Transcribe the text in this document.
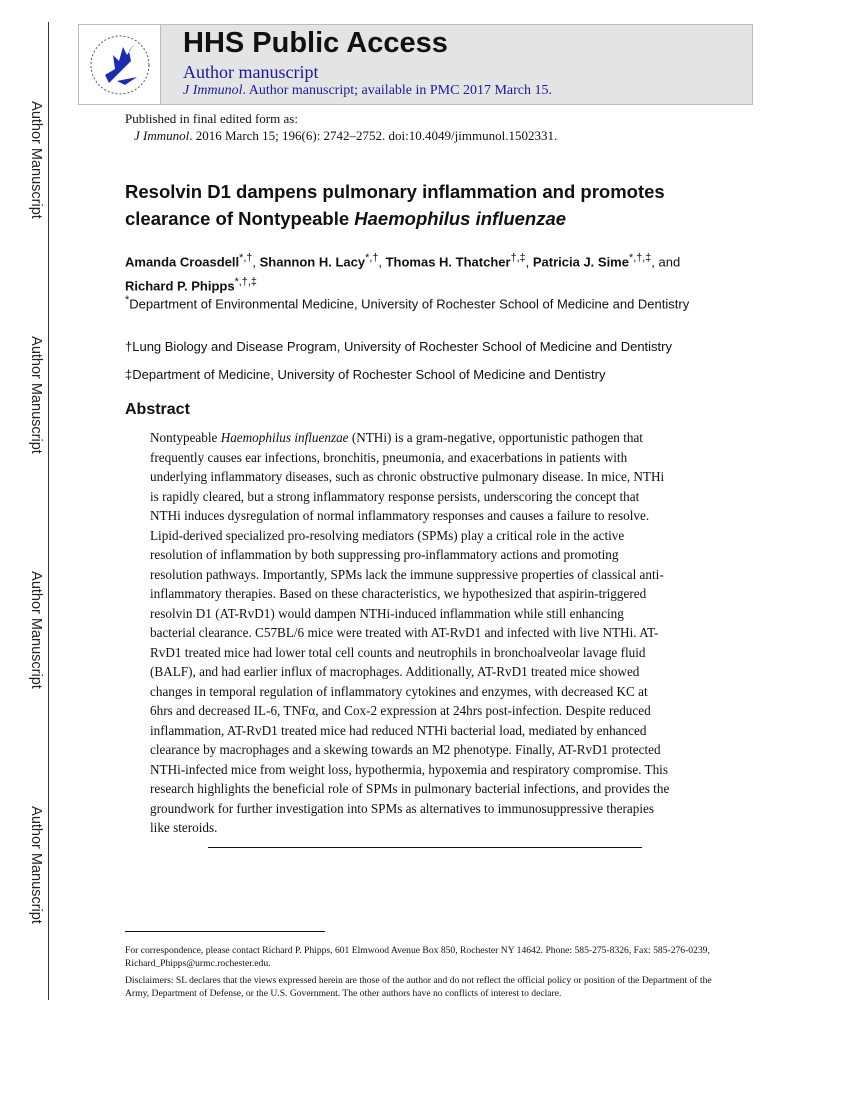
Author Manuscript
Author Manuscript
Author Manuscript
Author Manuscript
HHS Public Access
Author manuscript
J Immunol. Author manuscript; available in PMC 2017 March 15.
Published in final edited form as:
J Immunol. 2016 March 15; 196(6): 2742–2752. doi:10.4049/jimmunol.1502331.
Resolvin D1 dampens pulmonary inflammation and promotes clearance of Nontypeable Haemophilus influenzae
Amanda Croasdell*,†, Shannon H. Lacy*,†, Thomas H. Thatcher†,‡, Patricia J. Sime*,†,‡, and
Richard P. Phipps*,†,‡
*Department of Environmental Medicine, University of Rochester School of Medicine and Dentistry
†Lung Biology and Disease Program, University of Rochester School of Medicine and Dentistry
‡Department of Medicine, University of Rochester School of Medicine and Dentistry
Abstract
Nontypeable Haemophilus influenzae (NTHi) is a gram-negative, opportunistic pathogen that
frequently causes ear infections, bronchitis, pneumonia, and exacerbations in patients with
underlying inflammatory diseases, such as chronic obstructive pulmonary disease. In mice, NTHi
is rapidly cleared, but a strong inflammatory response persists, underscoring the concept that
NTHi induces dysregulation of normal inflammatory responses and causes a failure to resolve.
Lipid-derived specialized pro-resolving mediators (SPMs) play a critical role in the active
resolution of inflammation by both suppressing pro-inflammatory actions and promoting
resolution pathways. Importantly, SPMs lack the immune suppressive properties of classical anti-
inflammatory therapies. Based on these characteristics, we hypothesized that aspirin-triggered
resolvin D1 (AT-RvD1) would dampen NTHi-induced inflammation while still enhancing
bacterial clearance. C57BL/6 mice were treated with AT-RvD1 and infected with live NTHi. AT-
RvD1 treated mice had lower total cell counts and neutrophils in bronchoalveolar lavage fluid
(BALF), and had earlier influx of macrophages. Additionally, AT-RvD1 treated mice showed
changes in temporal regulation of inflammatory cytokines and enzymes, with decreased KC at
6hrs and decreased IL-6, TNFα, and Cox-2 expression at 24hrs post-infection. Despite reduced
inflammation, AT-RvD1 treated mice had reduced NTHi bacterial load, mediated by enhanced
clearance by macrophages and a skewing towards an M2 phenotype. Finally, AT-RvD1 protected
NTHi-infected mice from weight loss, hypothermia, hypoxemia and respiratory compromise. This
research highlights the beneficial role of SPMs in pulmonary bacterial infections, and provides the
groundwork for further investigation into SPMs as alternatives to immunosuppressive therapies
like steroids.
For correspondence, please contact Richard P. Phipps, 601 Elmwood Avenue Box 850, Rochester NY 14642. Phone: 585-275-8326, Fax: 585-276-0239, Richard_Phipps@urmc.rochester.edu.
Disclaimers: SL declares that the views expressed herein are those of the author and do not reflect the official policy or position of the Department of the Army, Department of Defense, or the U.S. Government. The other authors have no conflicts of interest to declare.
